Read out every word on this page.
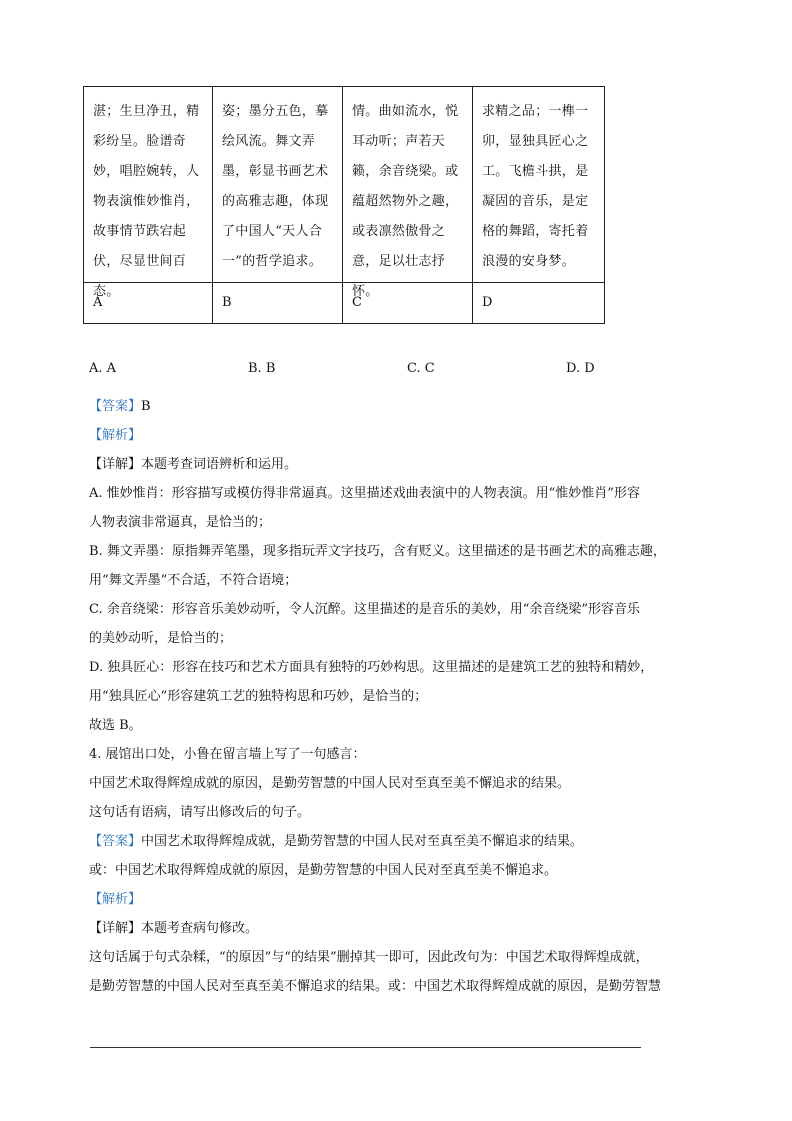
湛；生旦净丑，精彩纷呈。脸谱奇妙，唱腔婉转，人物表演惟妙惟肖，故事情节跌宕起伏，尽显世间百态。	姿；墨分五色，摹绘风流。舞文弄墨，彰显书画艺术的高雅志趣，体现了中国人“天人合一”的哲学追求。	情。曲如流水，悦耳动听；声若天籁，余音绕梁。或蕴超然物外之趣，或表凛然傲骨之意，足以壮志抒怀。	求精之品；一榫一卯，显独具匠心之工。飞檐斗拱，是凝固的音乐，是定格的舞蹈，寄托着浪漫的安身梦。

A	B	C	D
A. A	B. B	C. C	D. D
【答案】B
【解析】
【详解】本题考查词语辨析和运用。
A. 惟妙惟肖：形容描写或模仿得非常逼真。这里描述戏曲表演中的人物表演。用“惟妙惟肖”形容
人物表演非常逼真，是恰当的；
B. 舞文弄墨：原指舞弄笔墨，现多指玩弄文字技巧，含有贬义。这里描述的是书画艺术的高雅志趣，
用“舞文弄墨”不合适，不符合语境；
C. 余音绕梁：形容音乐美妙动听，令人沉醉。这里描述的是音乐的美妙，用“余音绕梁”形容音乐
的美妙动听，是恰当的；
D. 独具匠心：形容在技巧和艺术方面具有独特的巧妙构思。这里描述的是建筑工艺的独特和精妙，
用“独具匠心”形容建筑工艺的独特构思和巧妙，是恰当的；
故选 B。
4. 展馆出口处，小鲁在留言墙上写了一句感言：
中国艺术取得辉煌成就的原因，是勤劳智慧的中国人民对至真至美不懈追求的结果。
这句话有语病，请写出修改后的句子。
【答案】中国艺术取得辉煌成就，是勤劳智慧的中国人民对至真至美不懈追求的结果。
或：中国艺术取得辉煌成就的原因，是勤劳智慧的中国人民对至真至美不懈追求。
【解析】
【详解】本题考查病句修改。
这句话属于句式杂糅，“的原因”与“的结果”删掉其一即可，因此改句为：中国艺术取得辉煌成就，
是勤劳智慧的中国人民对至真至美不懈追求的结果。或：中国艺术取得辉煌成就的原因，是勤劳智慧
